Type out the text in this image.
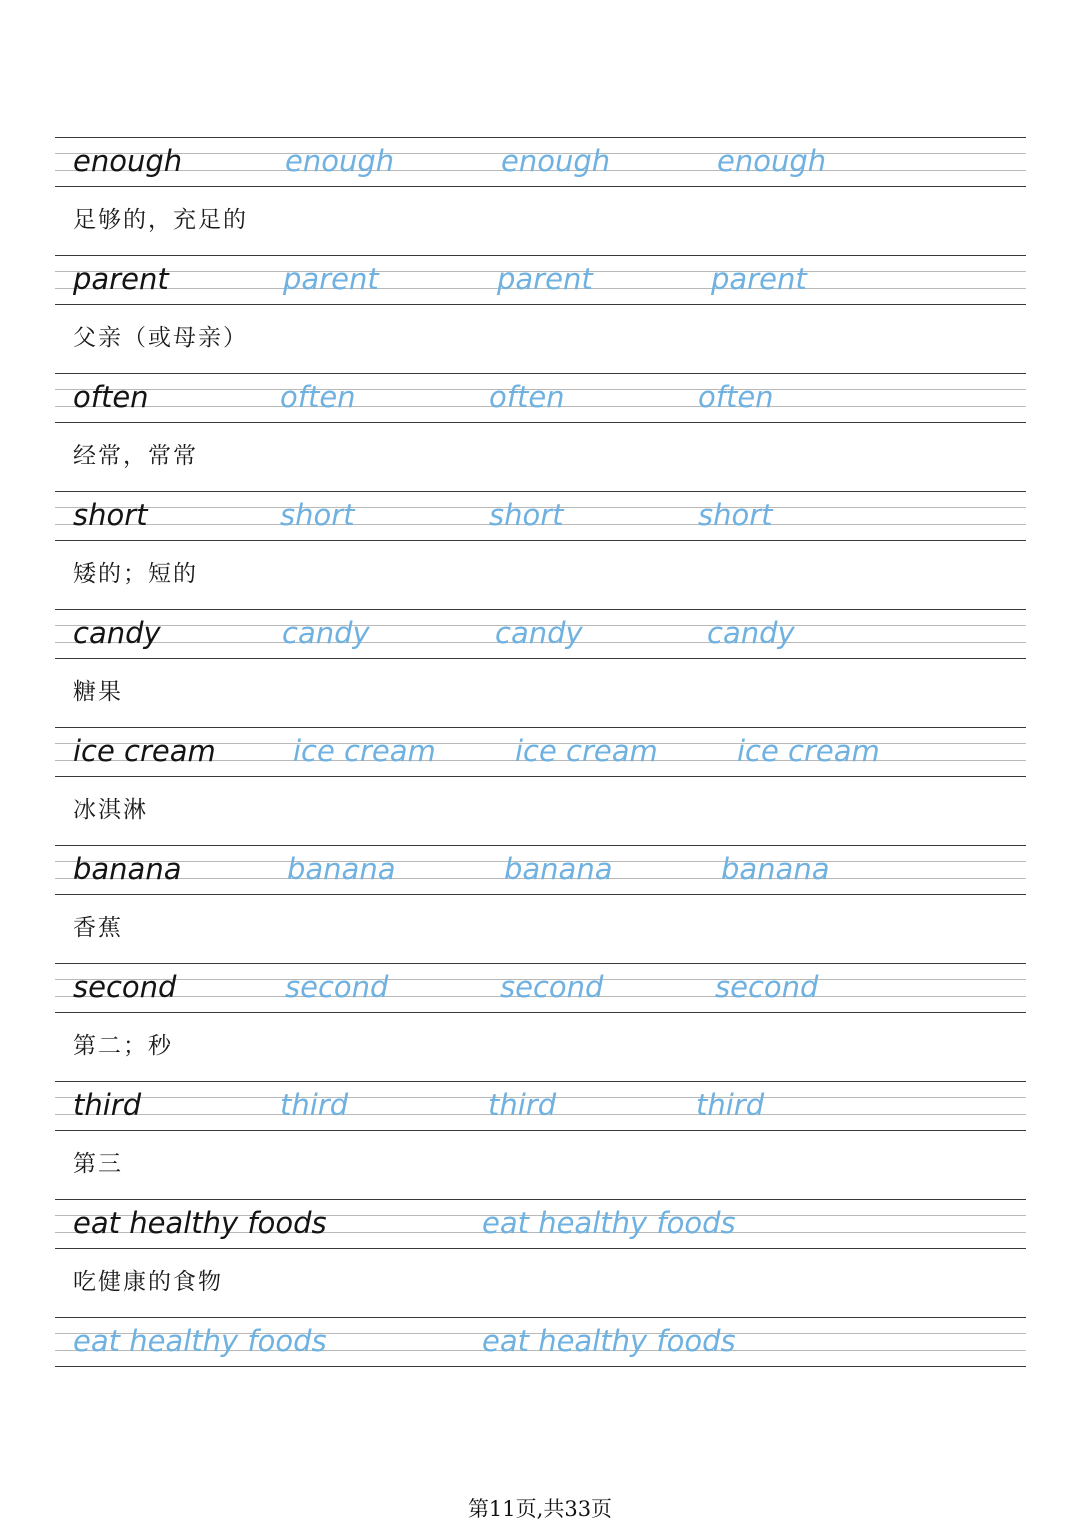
enough	enough	enough	enough
足够的，充足的
parent	parent	parent	parent
父亲（或母亲）
often	often	often	often
经常，常常
short	short	short	short
矮的；短的
candy	candy	candy	candy
糖果
ice cream	ice cream	ice cream	ice cream
冰淇淋
banana	banana	banana	banana
香蕉
second	second	second	second
第二；秒
third	third	third	third
第三
eat healthy foods	eat healthy foods
吃健康的食物
eat healthy foods	eat healthy foods
第11页,共33页
